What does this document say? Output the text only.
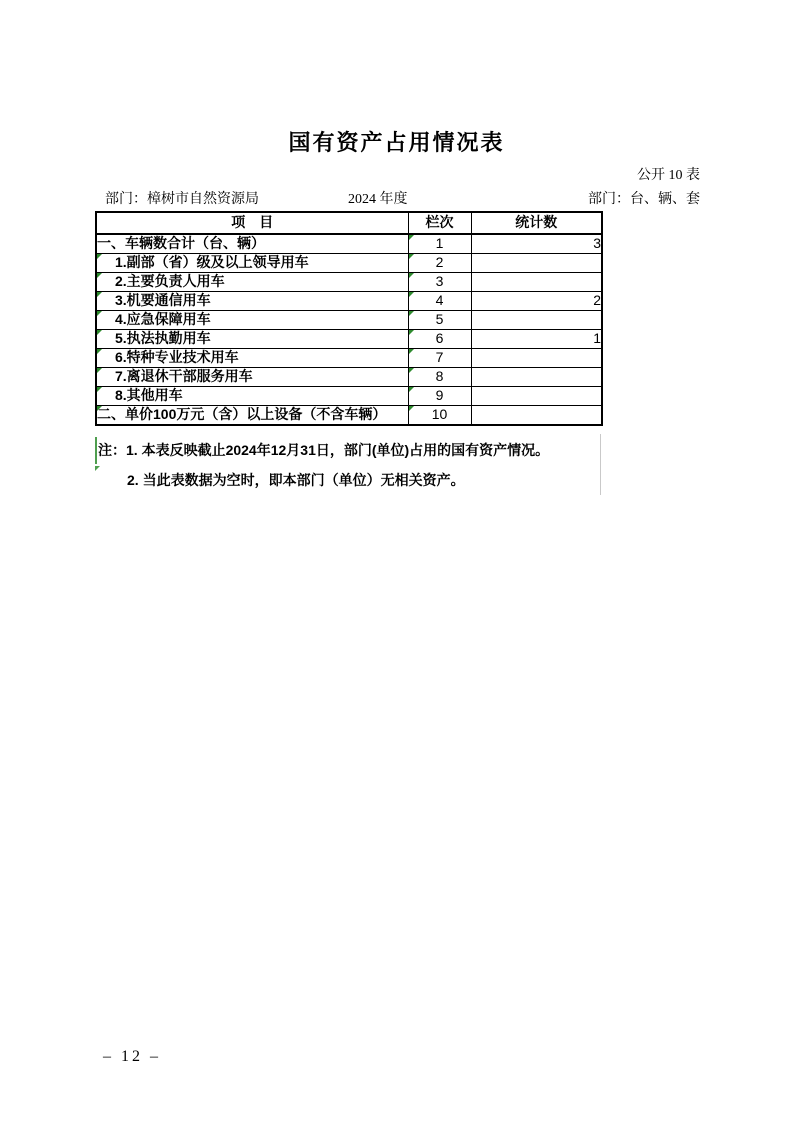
国有资产占用情况表
公开 10 表
部门：樟树市自然资源局	2024 年度	部门：台、辆、套
项　目	栏次	统计数
一、车辆数合计（台、辆）	1	3

1.副部（省）级及以上领导用车	2	

2.主要负责人用车	3	

3.机要通信用车	4	2

4.应急保障用车	5	

5.执法执勤用车	6	1

6.特种专业技术用车	7	

7.离退休干部服务用车	8	

8.其他用车	9	

二、单价100万元（含）以上设备（不含车辆）	10	
注：1. 本表反映截止2024年12月31日，部门(单位)占用的国有资产情况。
2. 当此表数据为空时，即本部门（单位）无相关资产。
– 12 –
